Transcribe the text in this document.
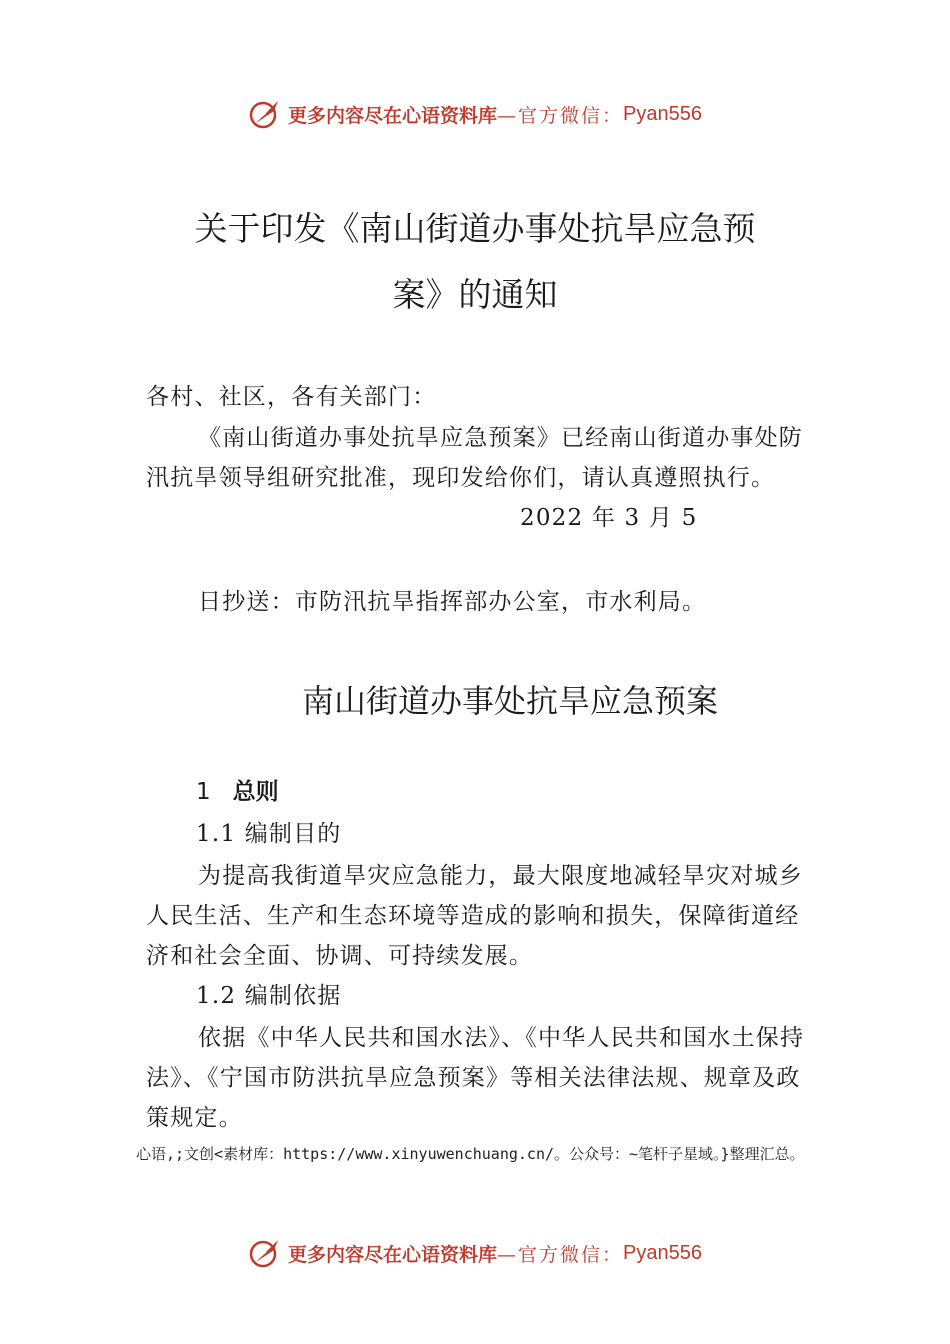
更多内容尽在心语资料库 —官方微信： Pyan556
关于印发《南山街道办事处抗旱应急预
案》的通知

各村、社区，各有关部门：

《南山街道办事处抗旱应急预案》已经南山街道办事处防汛抗旱领导组研究批准，现印发给你们，请认真遵照执行。

2022 年 3 月 5

日抄送：市防汛抗旱指挥部办公室，市水利局。

南山街道办事处抗旱应急预案
1 总则
1.1 编制目的

为提高我街道旱灾应急能力，最大限度地减轻旱灾对城乡人民生活、生产和生态环境等造成的影响和损失，保障街道经济和社会全面、协调、可持续发展。

1.2 编制依据

依据《中华人民共和国水法》、《中华人民共和国水土保持法》、《宁国市防洪抗旱应急预案》等相关法律法规、规章及政策规定。

心语,;文创<素材库：https://www.xinyuwenchuang.cn/。公众号：~笔杆子星域。}整理汇总。
更多内容尽在心语资料库 —官方微信： Pyan556
